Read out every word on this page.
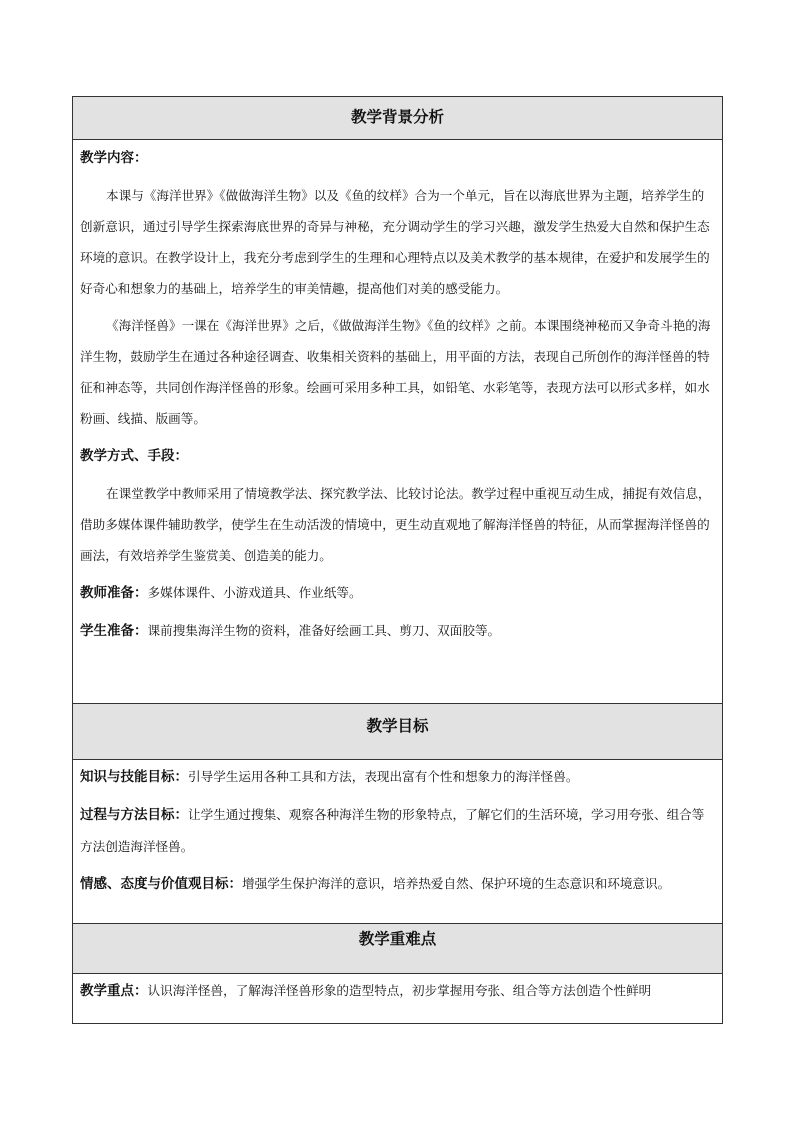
教学背景分析

教学内容：

本课与《海洋世界》《做做海洋生物》以及《鱼的纹样》合为一个单元，旨在以海底世界为主题，培养学生的创新意识，通过引导学生探索海底世界的奇异与神秘，充分调动学生的学习兴趣，激发学生热爱大自然和保护生态环境的意识。在教学设计上，我充分考虑到学生的生理和心理特点以及美术教学的基本规律，在爱护和发展学生的好奇心和想象力的基础上，培养学生的审美情趣，提高他们对美的感受能力。

《海洋怪兽》一课在《海洋世界》之后，《做做海洋生物》《鱼的纹样》之前。本课围绕神秘而又争奇斗艳的海洋生物，鼓励学生在通过各种途径调查、收集相关资料的基础上，用平面的方法，表现自己所创作的海洋怪兽的特征和神态等，共同创作海洋怪兽的形象。绘画可采用多种工具，如铅笔、水彩笔等，表现方法可以形式多样，如水粉画、线描、版画等。

教学方式、手段：

在课堂教学中教师采用了情境教学法、探究教学法、比较讨论法。教学过程中重视互动生成，捕捉有效信息，借助多媒体课件辅助教学，使学生在生动活泼的情境中，更生动直观地了解海洋怪兽的特征，从而掌握海洋怪兽的画法，有效培养学生鉴赏美、创造美的能力。

教师准备：多媒体课件、小游戏道具、作业纸等。

学生准备：课前搜集海洋生物的资料，准备好绘画工具、剪刀、双面胶等。

教学目标

知识与技能目标：引导学生运用各种工具和方法，表现出富有个性和想象力的海洋怪兽。

过程与方法目标：让学生通过搜集、观察各种海洋生物的形象特点，了解它们的生活环境，学习用夸张、组合等方法创造海洋怪兽。

情感、态度与价值观目标：增强学生保护海洋的意识，培养热爱自然、保护环境的生态意识和环境意识。

教学重难点

教学重点：认识海洋怪兽，了解海洋怪兽形象的造型特点，初步掌握用夸张、组合等方法创造个性鲜明
